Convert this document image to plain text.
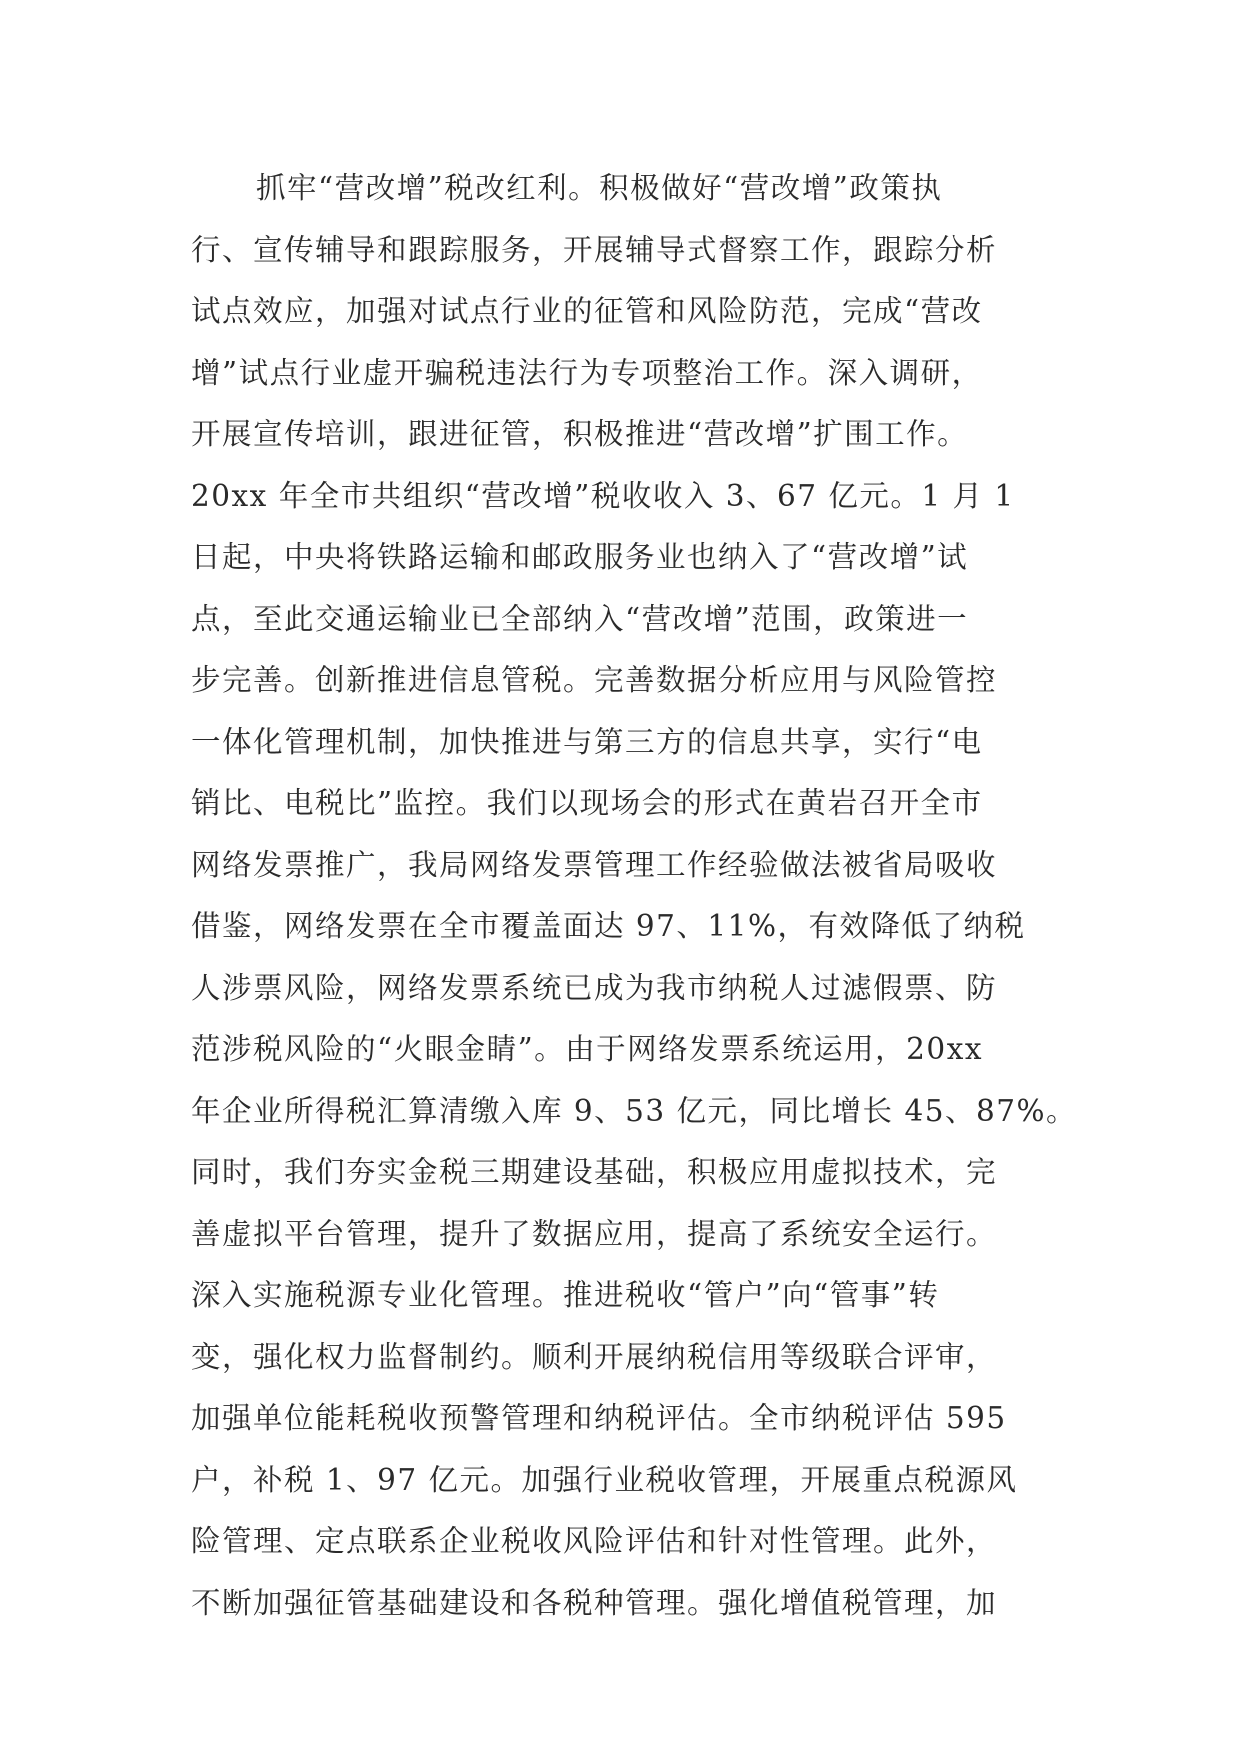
抓牢“营改增”税改红利。积极做好“营改增”政策执
行、宣传辅导和跟踪服务，开展辅导式督察工作，跟踪分析
试点效应，加强对试点行业的征管和风险防范，完成“营改
增”试点行业虚开骗税违法行为专项整治工作。深入调研，
开展宣传培训，跟进征管，积极推进“营改增”扩围工作。
20xx 年全市共组织“营改增”税收收入 3、67 亿元。1 月 1
日起，中央将铁路运输和邮政服务业也纳入了“营改增”试
点，至此交通运输业已全部纳入“营改增”范围，政策进一
步完善。创新推进信息管税。完善数据分析应用与风险管控
一体化管理机制，加快推进与第三方的信息共享，实行“电
销比、电税比”监控。我们以现场会的形式在黄岩召开全市
网络发票推广，我局网络发票管理工作经验做法被省局吸收
借鉴，网络发票在全市覆盖面达 97、11%，有效降低了纳税
人涉票风险，网络发票系统已成为我市纳税人过滤假票、防
范涉税风险的“火眼金睛”。由于网络发票系统运用，20xx
年企业所得税汇算清缴入库 9、53 亿元，同比增长 45、87%。
同时，我们夯实金税三期建设基础，积极应用虚拟技术，完
善虚拟平台管理，提升了数据应用，提高了系统安全运行。
深入实施税源专业化管理。推进税收“管户”向“管事”转
变，强化权力监督制约。顺利开展纳税信用等级联合评审，
加强单位能耗税收预警管理和纳税评估。全市纳税评估 595
户，补税 1、97 亿元。加强行业税收管理，开展重点税源风
险管理、定点联系企业税收风险评估和针对性管理。此外，
不断加强征管基础建设和各税种管理。强化增值税管理，加
